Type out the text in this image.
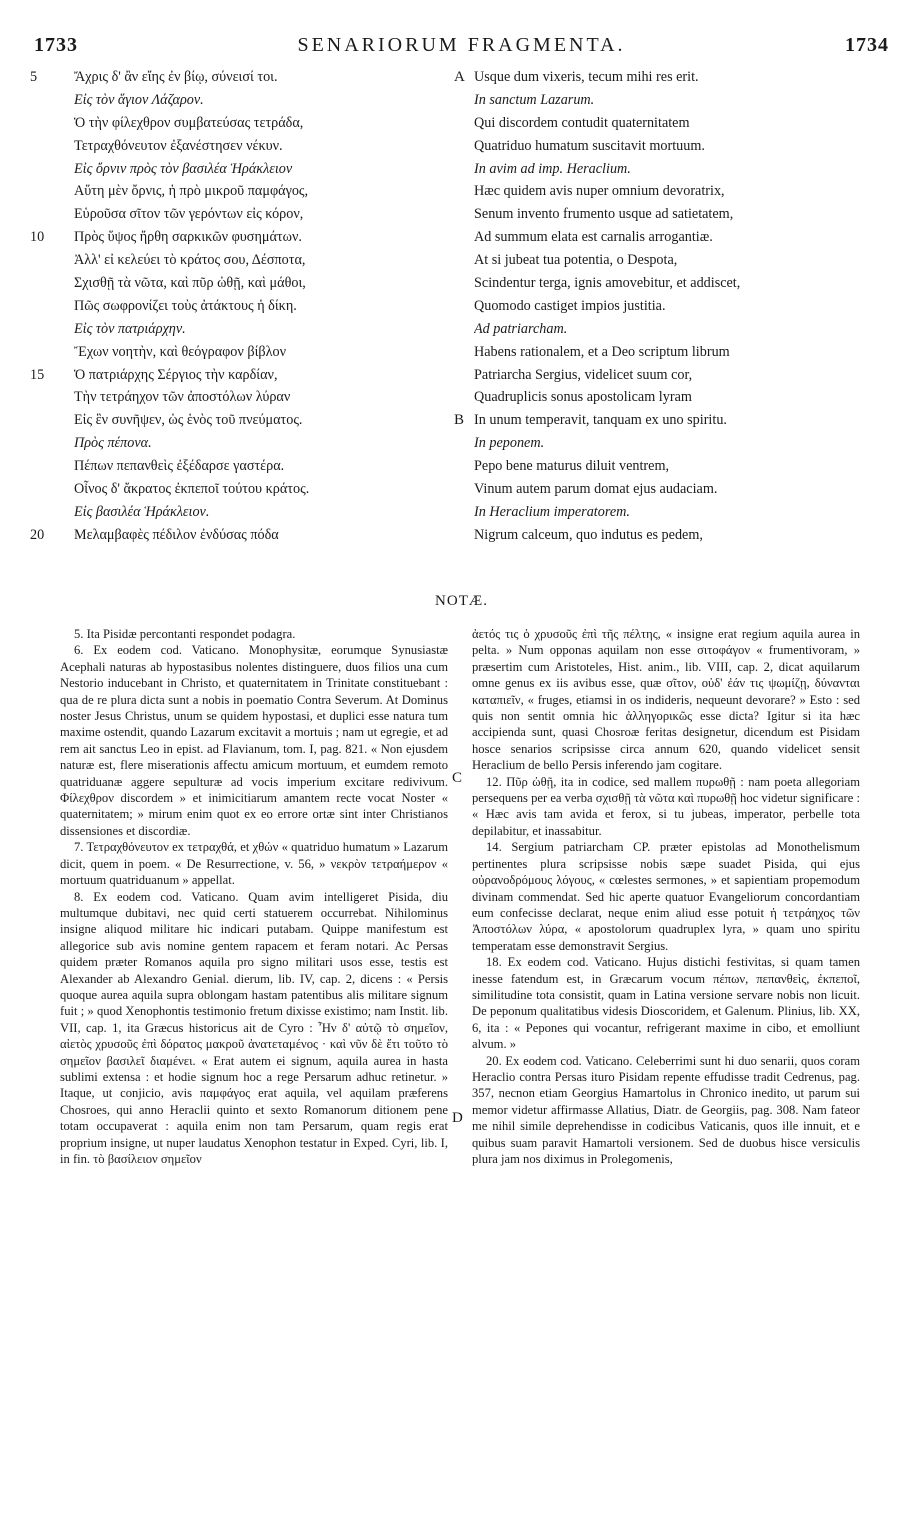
1733	SENARIORUM FRAGMENTA.	1734
5	Ἄχρις δ' ἂν εἴης ἐν βίῳ, σύνεισί τοι.	A Usque dum vixeris, tecum mihi res erit.
Εἰς τὸν ἅγιον Λάζαρον.	In sanctum Lazarum.
Ὁ τὴν φίλεχθρον συμβατεύσας τετράδα,	Qui discordem contudit quaternitatem
Τετραχθόνευτον ἐξανέστησεν νέκυν.	Quatriduo humatum suscitavit mortuum.
Εἰς ὄρνιν πρὸς τὸν βασιλέα Ἡράκλειον	In avim ad imp. Heraclium.
Αὕτη μὲν ὄρνις, ἡ πρὸ μικροῦ παμφάγος,	Hæc quidem avis nuper omnium devoratrix,
Εὑροῦσα σῖτον τῶν γερόντων εἰς κόρον,	Senum invento frumento usque ad satietatem,
10	Πρὸς ὕψος ἤρθη σαρκικῶν φυσημάτων.	Ad summum elata est carnalis arrogantiæ.
Ἀλλ' εἰ κελεύει τὸ κράτος σου, Δέσποτα,	At si jubeat tua potentia, o Despota,
Σχισθῇ τὰ νῶτα, καὶ πῦρ ὠθῇ, καὶ μάθοι,	Scindentur terga, ignis amovebitur, et addiscet,
Πῶς σωφρονίζει τοὺς ἀτάκτους ἡ δίκη.	Quomodo castiget impios justitia.
Εἰς τὸν πατριάρχην.	Ad patriarcham.
Ἔχων νοητὴν, καὶ θεόγραφον βίβλον	Habens rationalem, et a Deo scriptum librum
15	Ὁ πατριάρχης Σέργιος τὴν καρδίαν,	Patriarcha Sergius, videlicet suum cor,
Τὴν τετράηχον τῶν ἀποστόλων λύραν	Quadruplicis sonus apostolicam lyram
Εἰς ἓν συνῆψεν, ὡς ἑνὸς τοῦ πνεύματος.	B In unum temperavit, tanquam ex uno spiritu.
Πρὸς πέπονα.	In peponem.
Πέπων πεπανθεὶς ἐξέδαρσε γαστέρα.	Pepo bene maturus diluit ventrem,
Οἶνος δ' ἄκρατος ἐκπεποῖ τούτου κράτος.	Vinum autem parum domat ejus audaciam.
Εἰς βασιλέα Ἡράκλειον.	In Heraclium imperatorem.
20	Μελαμβαφὲς πέδιλον ἐνδύσας πόδα	Nigrum calceum, quo indutus es pedem,
NOTÆ.
C
D

5. Ita Pisidæ percontanti respondet podagra.

6. Ex eodem cod. Vaticano. Monophysitæ, eorumque Synusiastæ Acephali naturas ab hypostasibus nolentes distinguere, duos filios una cum Nestorio inducebant in Christo, et quaternitatem in Trinitate constituebant : qua de re plura dicta sunt a nobis in poematio Contra Severum. At Dominus noster Jesus Christus, unum se quidem hypostasi, et duplici esse natura tum maxime ostendit, quando Lazarum excitavit a mortuis ; nam ut egregie, et ad rem ait sanctus Leo in epist. ad Flavianum, tom. I, pag. 821. « Non ejusdem naturæ est, flere miserationis affectu amicum mortuum, et eumdem remoto quatriduanæ aggere sepulturæ ad vocis imperium excitare redivivum. Φίλεχθρον discordem » et inimicitiarum amantem recte vocat Noster « quaternitatem; » mirum enim quot ex eo errore ortæ sint inter Christianos dissensiones et discordiæ.

7. Τετραχθόνευτον ex τετραχθά, et χθών « quatriduo humatum » Lazarum dicit, quem in poem. « De Resurrectione, v. 56, » νεκρὸν τετραήμερον « mortuum quatriduanum » appellat.

8. Ex eodem cod. Vaticano. Quam avim intelligeret Pisida, diu multumque dubitavi, nec quid certi statuerem occurrebat. Nihilominus insigne aliquod militare hic indicari putabam. Quippe manifestum est allegorice sub avis nomine gentem rapacem et feram notari. Ac Persas quidem præter Romanos aquila pro signo militari usos esse, testis est Alexander ab Alexandro Genial. dierum, lib. IV, cap. 2, dicens : « Persis quoque aurea aquila supra oblongam hastam patentibus alis militare signum fuit ; » quod Xenophontis testimonio fretum dixisse existimo; nam Instit. lib. VII, cap. 1, ita Græcus historicus ait de Cyro : Ἦν δ' αὐτῷ τὸ σημεῖον, αἰετὸς χρυσοῦς ἐπὶ δόρατος μακροῦ ἀνατεταμένος · καὶ νῦν δὲ ἔτι τοῦτο τὸ σημεῖον βασιλεῖ διαμένει. « Erat autem ei signum, aquila aurea in hasta sublimi extensa : et hodie signum hoc a rege Persarum adhuc retinetur. » Itaque, ut conjicio, avis παμφάγος erat aquila, vel aquilam præferens Chosroes, qui anno Heraclii quinto et sexto Romanorum ditionem pene totam occupaverat : aquila enim non tam Persarum, quam regis erat proprium insigne, ut nuper laudatus Xenophon testatur in Exped. Cyri, lib. I, in fin. τὸ βασίλειον σημεῖον

ἀετός τις ὁ χρυσοῦς ἐπὶ τῆς πέλτης, « insigne erat regium aquila aurea in pelta. » Num opponas aquilam non esse σιτοφάγον « frumentivoram, » præsertim cum Aristoteles, Hist. anim., lib. VIII, cap. 2, dicat aquilarum omne genus ex iis avibus esse, quæ σῖτον, οὐδ' ἐάν τις ψωμίζῃ, δύνανται καταπιεῖν, « fruges, etiamsi in os indideris, nequeunt devorare? » Esto : sed quis non sentit omnia hic ἀλληγορικῶς esse dicta? Igitur si ita hæc accipienda sunt, quasi Chosroæ feritas designetur, dicendum est Pisidam hosce senarios scripsisse circa annum 620, quando videlicet sensit Heraclium de bello Persis inferendo jam cogitare.

12. Πῦρ ὠθῇ, ita in codice, sed mallem πυρωθῇ : nam poeta allegoriam persequens per ea verba σχισθῇ τὰ νῶτα καὶ πυρωθῇ hoc videtur significare : « Hæc avis tam avida et ferox, si tu jubeas, imperator, perbelle tota depilabitur, et inassabitur.

14. Sergium patriarcham CP. præter epistolas ad Monothelismum pertinentes plura scripsisse nobis sæpe suadet Pisida, qui ejus οὐρανοδρόμους λόγους, « cœlestes sermones, » et sapientiam propemodum divinam commendat. Sed hic aperte quatuor Evangeliorum concordantiam eum confecisse declarat, neque enim aliud esse potuit ἡ τετράηχος τῶν Ἀποστόλων λύρα, « apostolorum quadruplex lyra, » quam uno spiritu temperatam esse demonstravit Sergius.

18. Ex eodem cod. Vaticano. Hujus distichi festivitas, si quam tamen inesse fatendum est, in Græcarum vocum πέπων, πεπανθεὶς, ἐκπεποῖ, similitudine tota consistit, quam in Latina versione servare nobis non licuit. De peponum qualitatibus videsis Dioscoridem, et Galenum. Plinius, lib. XX, 6, ita : « Pepones qui vocantur, refrigerant maxime in cibo, et emolliunt alvum. »

20. Ex eodem cod. Vaticano. Celeberrimi sunt hi duo senarii, quos coram Heraclio contra Persas ituro Pisidam repente effudisse tradit Cedrenus, pag. 357, necnon etiam Georgius Hamartolus in Chronico inedito, ut parum sui memor videtur affirmasse Allatius, Diatr. de Georgiis, pag. 308. Nam fateor me nihil simile deprehendisse in codicibus Vaticanis, quos ille innuit, et e quibus suam paravit Hamartoli versionem. Sed de duobus hisce versiculis plura jam nos diximus in Prolegomenis,
